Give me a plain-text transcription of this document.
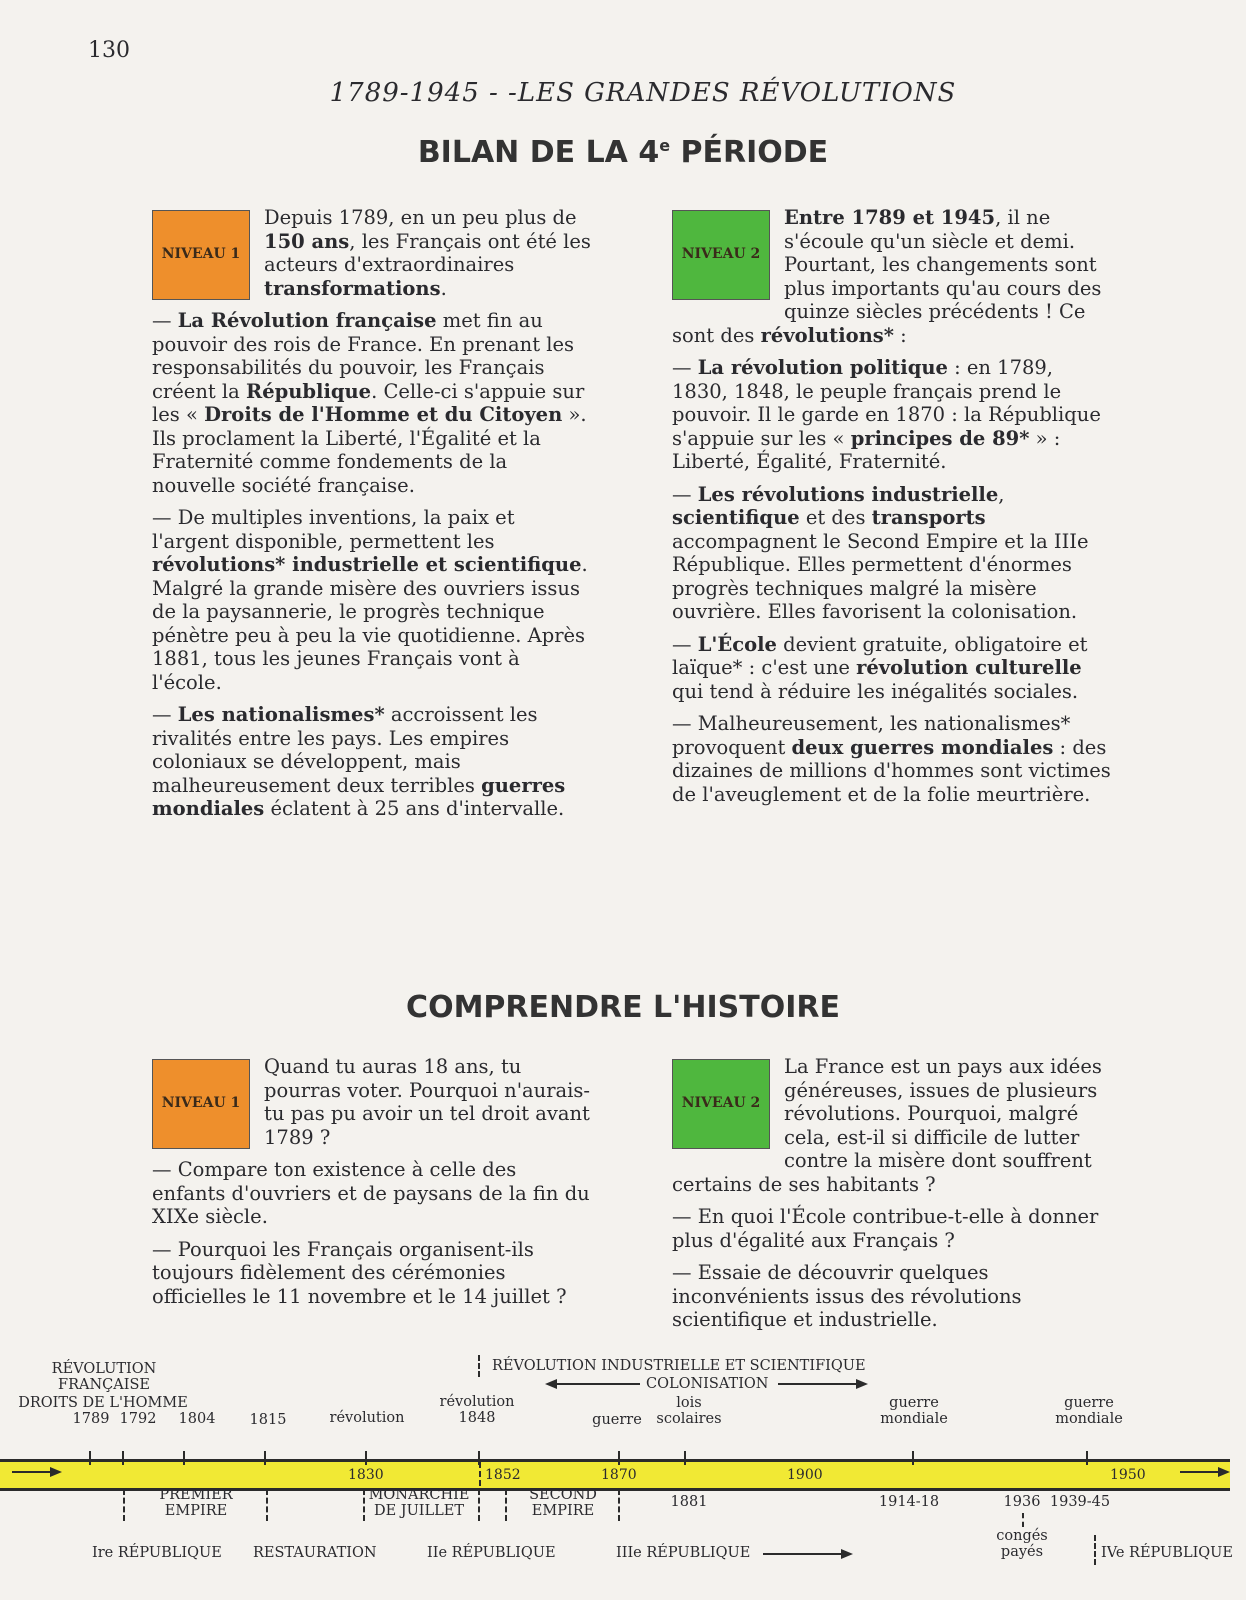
130
1789-1945 - -LES GRANDES RÉVOLUTIONS
BILAN DE LA 4e PÉRIODE
NIVEAU 1

Depuis 1789, en un peu plus de 150 ans, les Français ont été les acteurs d'extraordinaires transformations.

— La Révolution française met fin au pouvoir des rois de France. En prenant les responsabilités du pouvoir, les Français créent la République. Celle-ci s'appuie sur les « Droits de l'Homme et du Citoyen ». Ils proclament la Liberté, l'Égalité et la Fraternité comme fondements de la nouvelle société française.

— De multiples inventions, la paix et l'argent disponible, permettent les révolutions* industrielle et scientifique. Malgré la grande misère des ouvriers issus de la paysannerie, le progrès technique pénètre peu à peu la vie quotidienne. Après 1881, tous les jeunes Français vont à l'école.

— Les nationalismes* accroissent les rivalités entre les pays. Les empires coloniaux se développent, mais malheureusement deux terribles guerres mondiales éclatent à 25 ans d'intervalle.

NIVEAU 2

Entre 1789 et 1945, il ne s'écoule qu'un siècle et demi. Pourtant, les changements sont plus importants qu'au cours des quinze siècles précédents ! Ce sont des révolutions* :

— La révolution politique : en 1789, 1830, 1848, le peuple français prend le pouvoir. Il le garde en 1870 : la République s'appuie sur les « principes de 89* » : Liberté, Égalité, Fraternité.

— Les révolutions industrielle, scientifique et des transports accompagnent le Second Empire et la IIIe République. Elles permettent d'énormes progrès techniques malgré la misère ouvrière. Elles favorisent la colonisation.

— L'École devient gratuite, obligatoire et laïque* : c'est une révolution culturelle qui tend à réduire les inégalités sociales.

— Malheureusement, les nationalismes* provoquent deux guerres mondiales : des dizaines de millions d'hommes sont victimes de l'aveuglement et de la folie meurtrière.

COMPRENDRE L'HISTOIRE
NIVEAU 1

Quand tu auras 18 ans, tu pourras voter. Pourquoi n'aurais-tu pas pu avoir un tel droit avant 1789 ?

— Compare ton existence à celle des enfants d'ouvriers et de paysans de la fin du XIXe siècle.

— Pourquoi les Français organisent-ils toujours fidèlement des cérémonies officielles le 11 novembre et le 14 juillet ?

NIVEAU 2

La France est un pays aux idées généreuses, issues de plusieurs révolutions. Pourquoi, malgré cela, est-il si difficile de lutter contre la misère dont souffrent certains de ses habitants ?

— En quoi l'École contribue-t-elle à donner plus d'égalité aux Français ?

— Essaie de découvrir quelques inconvénients issus des révolutions scientifique et industrielle.

RÉVOLUTION
FRANÇAISE
DROITS DE L'HOMME
RÉVOLUTION INDUSTRIELLE ET SCIENTIFIQUE
COLONISATION
1789 1792 1804 1815	révolution
révolution
1848	guerre
lois
scolaires
guerre
mondiale
guerre
mondiale
1830	1852	1870	1900	1950
PREMIER
EMPIRE
MONARCHIE
DE JUILLET
SECOND
EMPIRE
1881	1914-18	1936 1939-45
congés
payés
Ire RÉPUBLIQUE RESTAURATION	IIe RÉPUBLIQUE	IIIe RÉPUBLIQUE	IVe RÉPUBLIQUE
